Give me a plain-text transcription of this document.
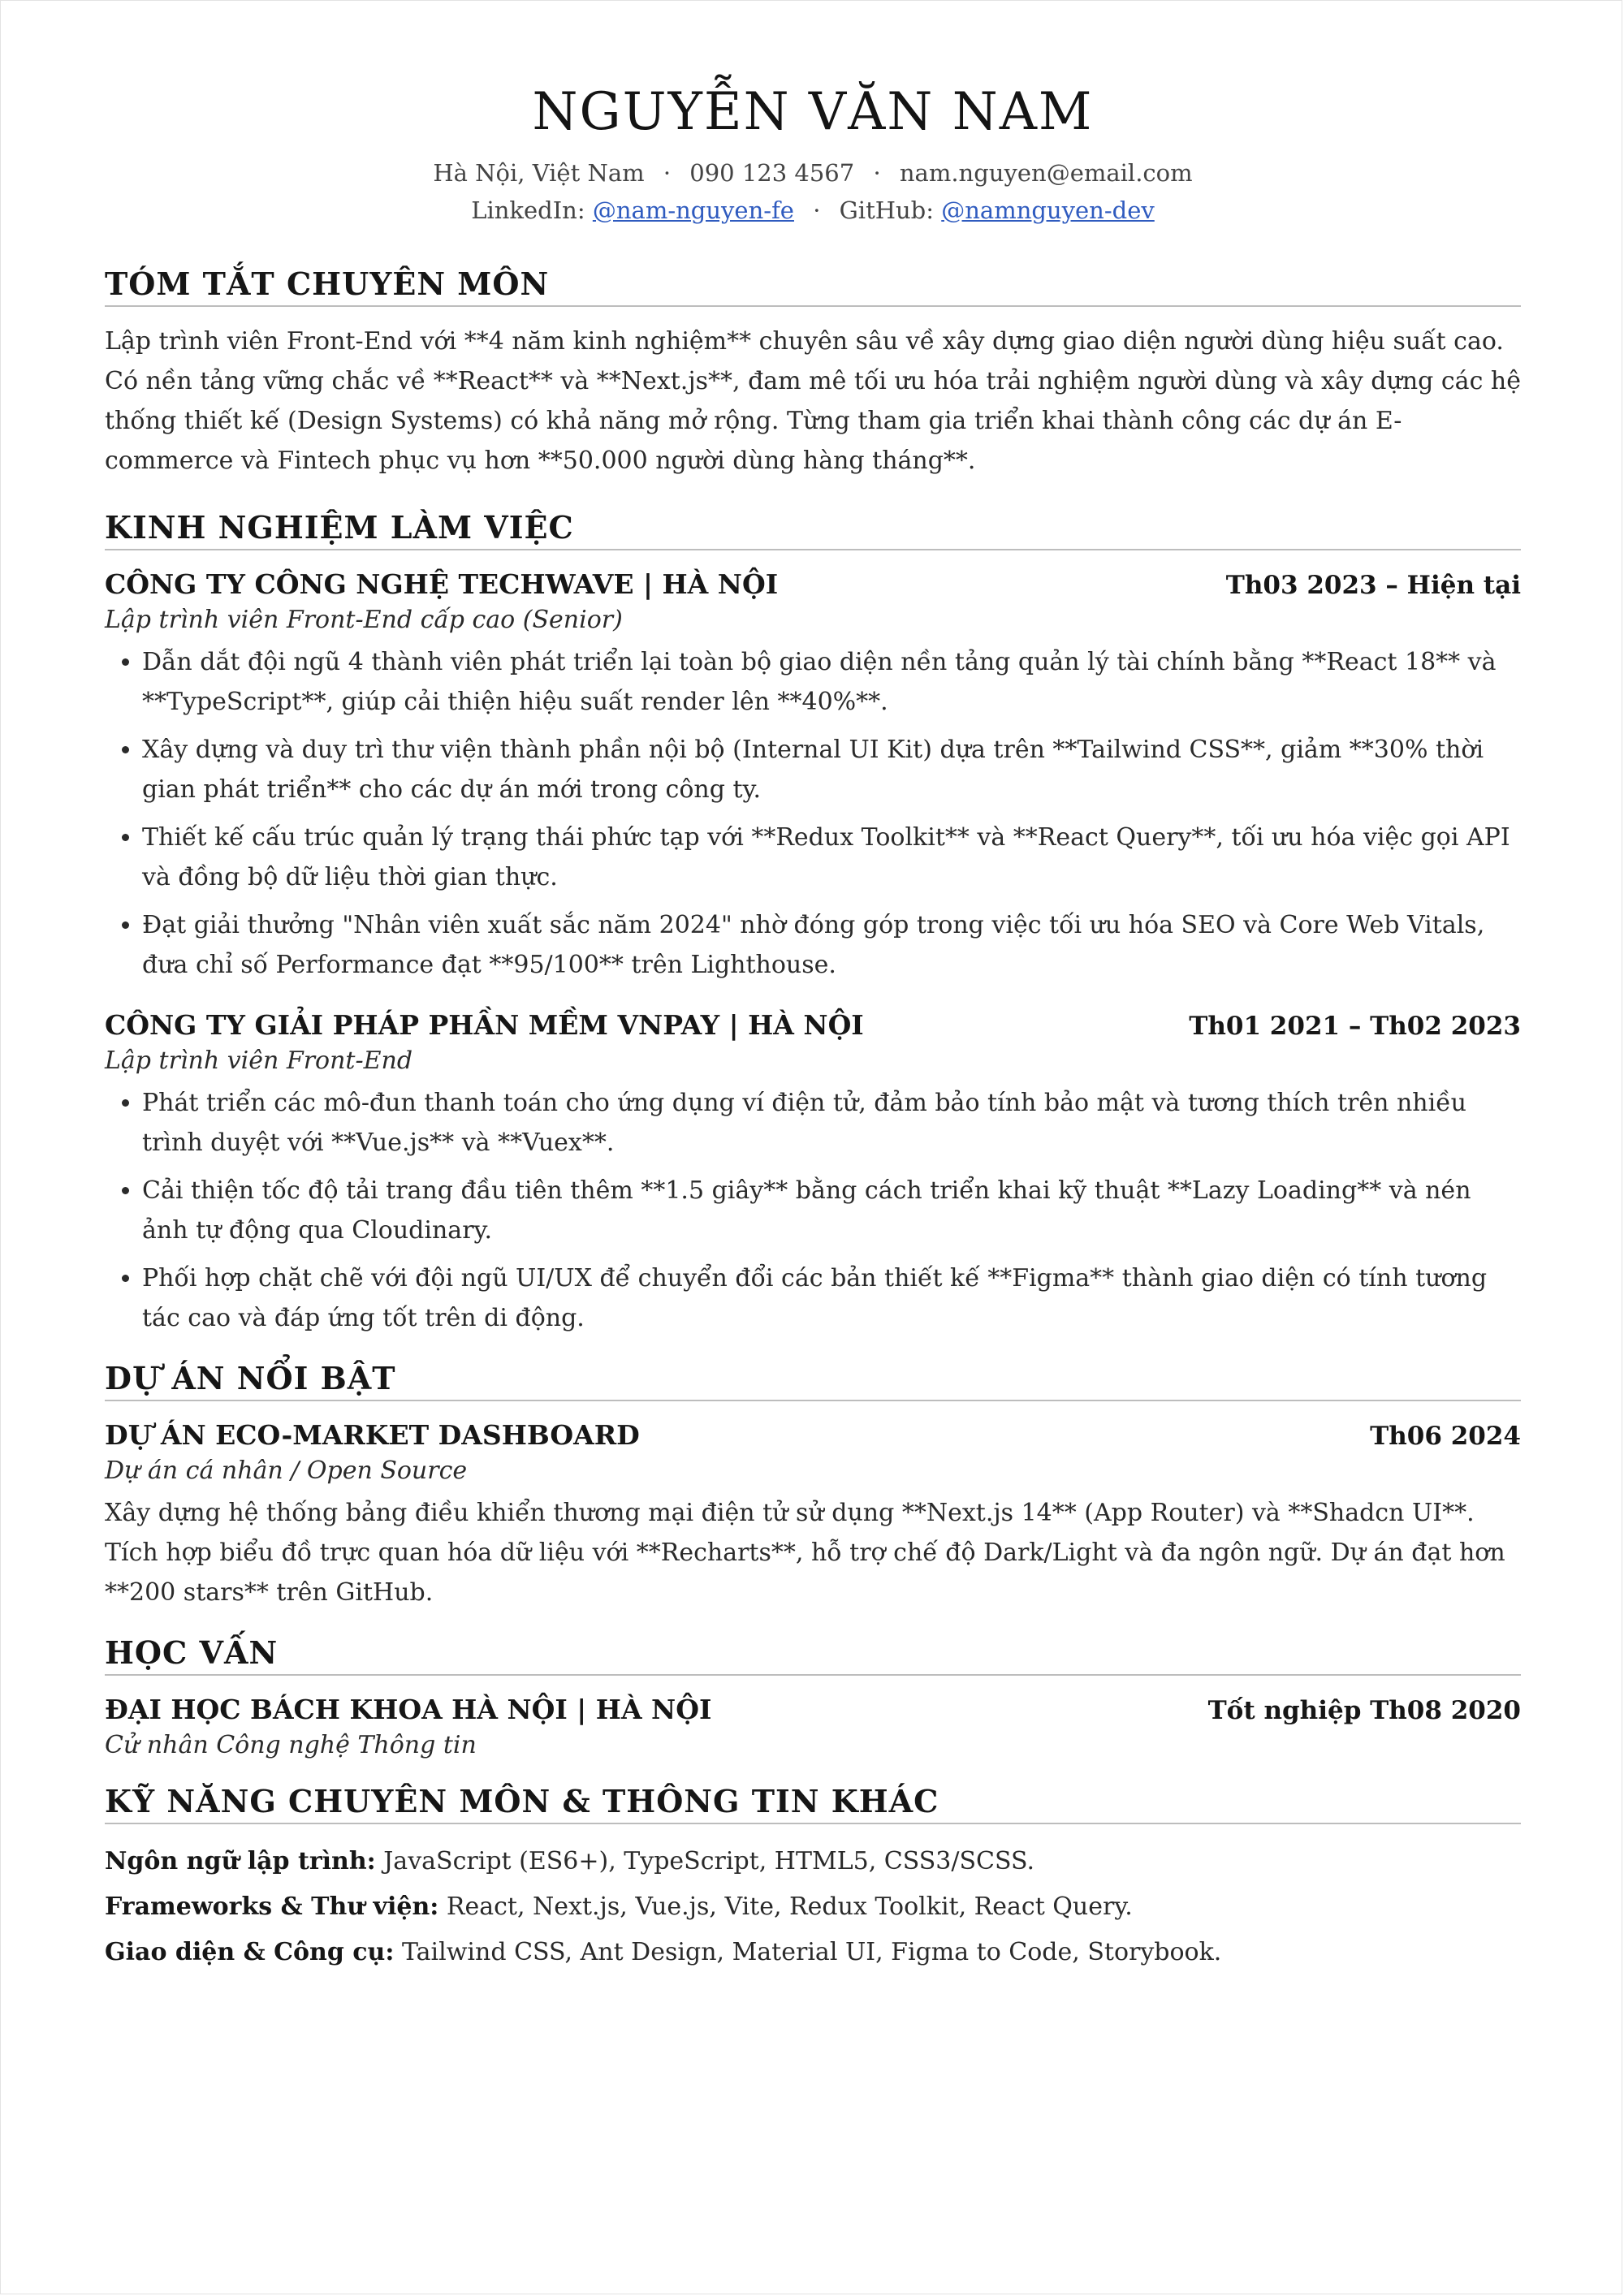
NGUYỄN VĂN NAM
Hà Nội, Việt Nam · 090 123 4567 · nam.nguyen@email.com
LinkedIn: @nam-nguyen-fe · GitHub: @namnguyen-dev
TÓM TẮT CHUYÊN MÔN

Lập trình viên Front-End với **4 năm kinh nghiệm** chuyên sâu về xây dựng giao diện người dùng hiệu suất cao. Có nền tảng vững chắc về **React** và **Next.js**, đam mê tối ưu hóa trải nghiệm người dùng và xây dựng các hệ thống thiết kế (Design Systems) có khả năng mở rộng. Từng tham gia triển khai thành công các dự án E-commerce và Fintech phục vụ hơn **50.000 người dùng hàng tháng**.

KINH NGHIỆM LÀM VIỆC
CÔNG TY CÔNG NGHỆ TECHWAVE | HÀ NỘI	Th03 2023 – Hiện tại
Lập trình viên Front-End cấp cao (Senior)
• Dẫn dắt đội ngũ 4 thành viên phát triển lại toàn bộ giao diện nền tảng quản lý tài chính bằng **React 18** và **TypeScript**, giúp cải thiện hiệu suất render lên **40%**.
• Xây dựng và duy trì thư viện thành phần nội bộ (Internal UI Kit) dựa trên **Tailwind CSS**, giảm **30% thời gian phát triển** cho các dự án mới trong công ty.
• Thiết kế cấu trúc quản lý trạng thái phức tạp với **Redux Toolkit** và **React Query**, tối ưu hóa việc gọi API và đồng bộ dữ liệu thời gian thực.
• Đạt giải thưởng "Nhân viên xuất sắc năm 2024" nhờ đóng góp trong việc tối ưu hóa SEO và Core Web Vitals, đưa chỉ số Performance đạt **95/100** trên Lighthouse.
CÔNG TY GIẢI PHÁP PHẦN MỀM VNPAY | HÀ NỘI	Th01 2021 – Th02 2023
Lập trình viên Front-End
• Phát triển các mô-đun thanh toán cho ứng dụng ví điện tử, đảm bảo tính bảo mật và tương thích trên nhiều trình duyệt với **Vue.js** và **Vuex**.
• Cải thiện tốc độ tải trang đầu tiên thêm **1.5 giây** bằng cách triển khai kỹ thuật **Lazy Loading** và nén ảnh tự động qua Cloudinary.
• Phối hợp chặt chẽ với đội ngũ UI/UX để chuyển đổi các bản thiết kế **Figma** thành giao diện có tính tương tác cao và đáp ứng tốt trên di động.
DỰ ÁN NỔI BẬT
DỰ ÁN ECO-MARKET DASHBOARD	Th06 2024
Dự án cá nhân / Open Source

Xây dựng hệ thống bảng điều khiển thương mại điện tử sử dụng **Next.js 14** (App Router) và **Shadcn UI**. Tích hợp biểu đồ trực quan hóa dữ liệu với **Recharts**, hỗ trợ chế độ Dark/Light và đa ngôn ngữ. Dự án đạt hơn **200 stars** trên GitHub.

HỌC VẤN
ĐẠI HỌC BÁCH KHOA HÀ NỘI | HÀ NỘI	Tốt nghiệp Th08 2020
Cử nhân Công nghệ Thông tin
KỸ NĂNG CHUYÊN MÔN & THÔNG TIN KHÁC

Ngôn ngữ lập trình: JavaScript (ES6+), TypeScript, HTML5, CSS3/SCSS.

Frameworks & Thư viện: React, Next.js, Vue.js, Vite, Redux Toolkit, React Query.

Giao diện & Công cụ: Tailwind CSS, Ant Design, Material UI, Figma to Code, Storybook.
